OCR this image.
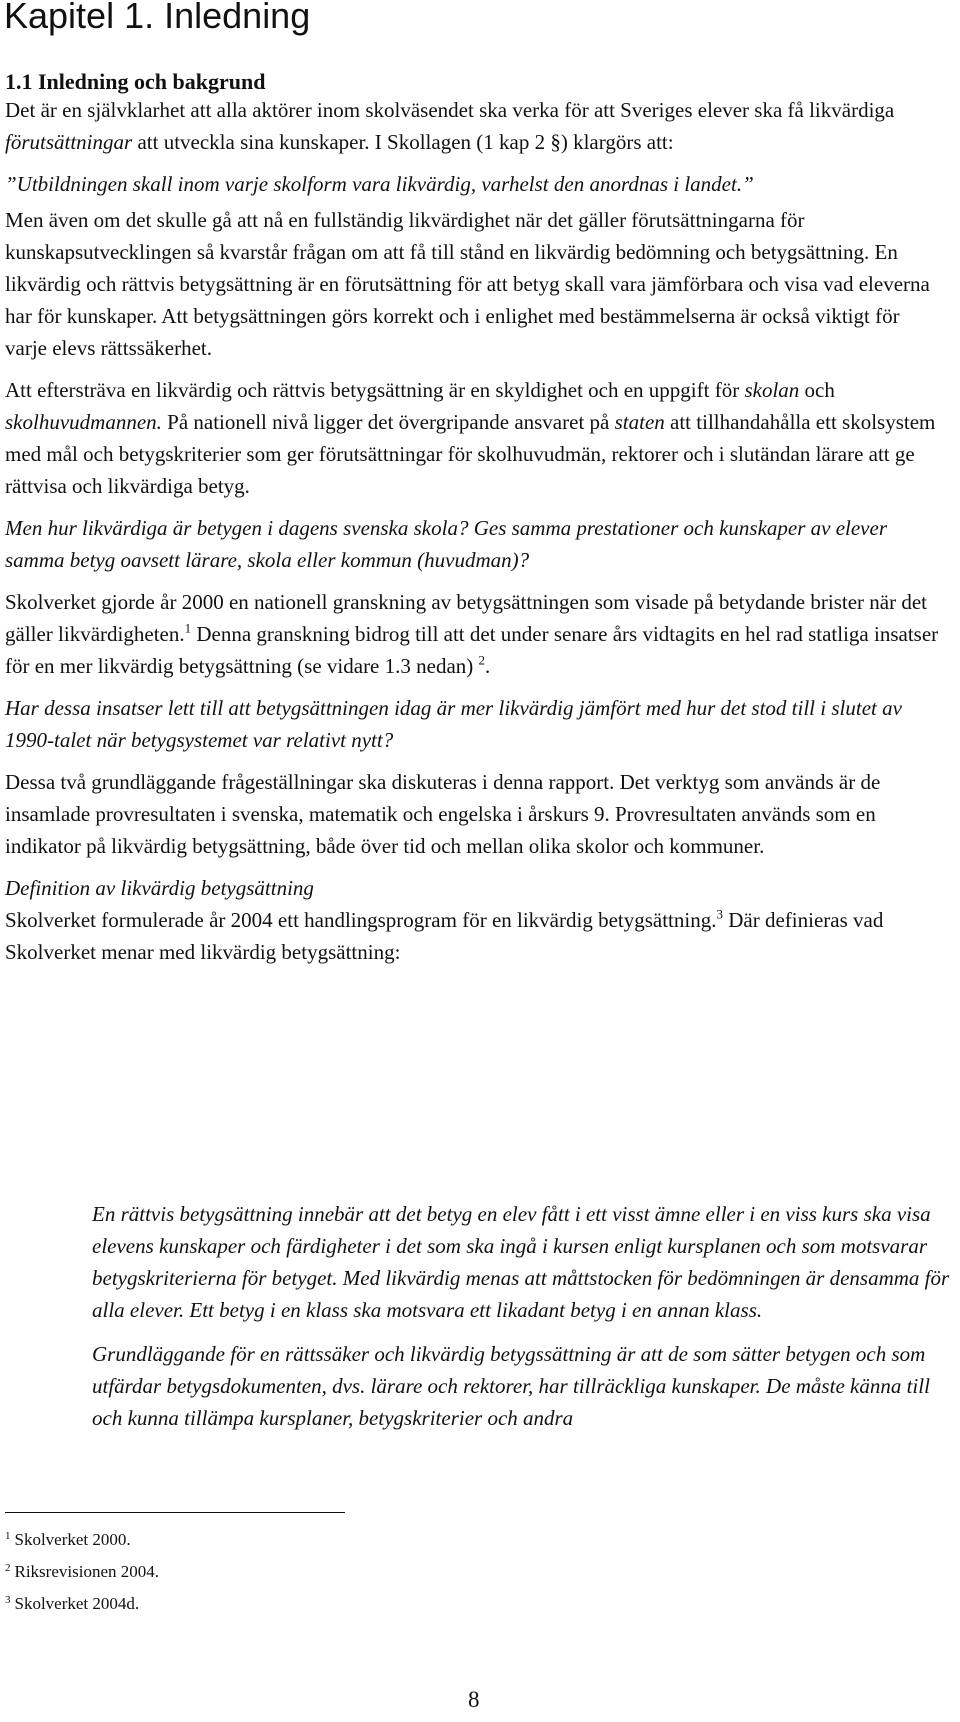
Kapitel 1. Inledning
1.1 Inledning och bakgrund

Det är en självklarhet att alla aktörer inom skolväsendet ska verka för att Sveriges elever ska få likvärdiga förutsättningar att utveckla sina kunskaper. I Skollagen (1 kap 2 §) klargörs att:

”Utbildningen skall inom varje skolform vara likvärdig, varhelst den anordnas i landet.”

Men även om det skulle gå att nå en fullständig likvärdighet när det gäller förutsättningarna för kunskapsutvecklingen så kvarstår frågan om att få till stånd en likvärdig bedömning och betygsättning. En likvärdig och rättvis betygsättning är en förutsättning för att betyg skall vara jämförbara och visa vad eleverna har för kunskaper. Att betygsättningen görs korrekt och i enlighet med bestämmelserna är också viktigt för varje elevs rättssäkerhet.

Att eftersträva en likvärdig och rättvis betygsättning är en skyldighet och en uppgift för skolan och skolhuvudmannen. På nationell nivå ligger det övergripande ansvaret på staten att tillhandahålla ett skolsystem med mål och betygskriterier som ger förutsättningar för skolhuvudmän, rektorer och i slutändan lärare att ge rättvisa och likvärdiga betyg.

Men hur likvärdiga är betygen i dagens svenska skola? Ges samma prestationer och kunskaper av elever samma betyg oavsett lärare, skola eller kommun (huvudman)?

Skolverket gjorde år 2000 en nationell granskning av betygsättningen som visade på betydande brister när det gäller likvärdigheten.$^1$ Denna granskning bidrog till att det under senare års vidtagits en hel rad statliga insatser för en mer likvärdig betygsättning (se vidare 1.3 nedan) $^2$.

Har dessa insatser lett till att betygsättningen idag är mer likvärdig jämfört med hur det stod till i slutet av 1990-talet när betygsystemet var relativt nytt?

Dessa två grundläggande frågeställningar ska diskuteras i denna rapport. Det verktyg som används är de insamlade provresultaten i svenska, matematik och engelska i årskurs 9. Provresultaten används som en indikator på likvärdig betygsättning, både över tid och mellan olika skolor och kommuner.

Definition av likvärdig betygsättning

Skolverket formulerade år 2004 ett handlingsprogram för en likvärdig betygsättning.$^3$ Där definieras vad Skolverket menar med likvärdig betygsättning:

En rättvis betygsättning innebär att det betyg en elev fått i ett visst ämne eller i en viss kurs ska visa elevens kunskaper och färdigheter i det som ska ingå i kursen enligt kursplanen och som motsvarar betygskriterierna för betyget. Med likvärdig menas att måttstocken för bedömningen är densamma för alla elever. Ett betyg i en klass ska motsvara ett likadant betyg i en annan klass.

Grundläggande för en rättssäker och likvärdig betygssättning är att de som sätter betygen och som utfärdar betygsdokumenten, dvs. lärare och rektorer, har tillräckliga kunskaper. De måste känna till och kunna tillämpa kursplaner, betygskriterier och andra

$^1$ Skolverket 2000.
$^2$ Riksrevisionen 2004.
$^3$ Skolverket 2004d.
8
